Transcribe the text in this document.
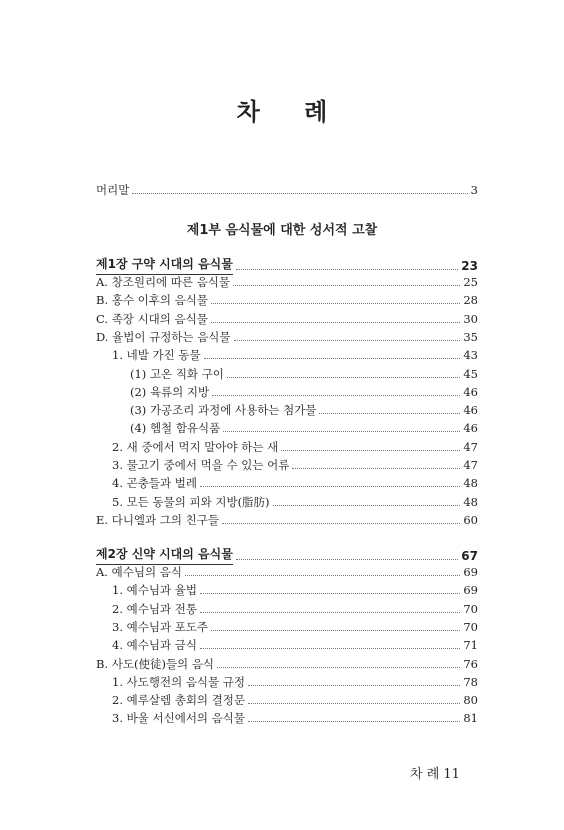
차 례
머리말	3
제1부 음식물에 대한 성서적 고찰
제1장 구약 시대의 음식물	23
A. 창조원리에 따른 음식물	25
B. 홍수 이후의 음식물	28
C. 족장 시대의 음식물	30
D. 율법이 규정하는 음식물	35
1. 네발 가진 동물	43
(1) 고온 직화 구이	45
(2) 육류의 지방	46
(3) 가공조리 과정에 사용하는 첨가물	46
(4) 헴철 함유식품	46
2. 새 중에서 먹지 말아야 하는 새	47
3. 물고기 중에서 먹을 수 있는 어류	47
4. 곤충들과 벌레	48
5. 모든 동물의 피와 지방(脂肪)	48
E. 다니엘과 그의 친구들	60
제2장 신약 시대의 음식물	67
A. 예수님의 음식	69
1. 예수님과 율법	69
2. 예수님과 전통	70
3. 예수님과 포도주	70
4. 예수님과 금식	71
B. 사도(使徒)들의 음식	76
1. 사도행전의 음식물 규정	78
2. 예루살렘 총회의 결정문	80
3. 바울 서신에서의 음식물	81
차 례 11
